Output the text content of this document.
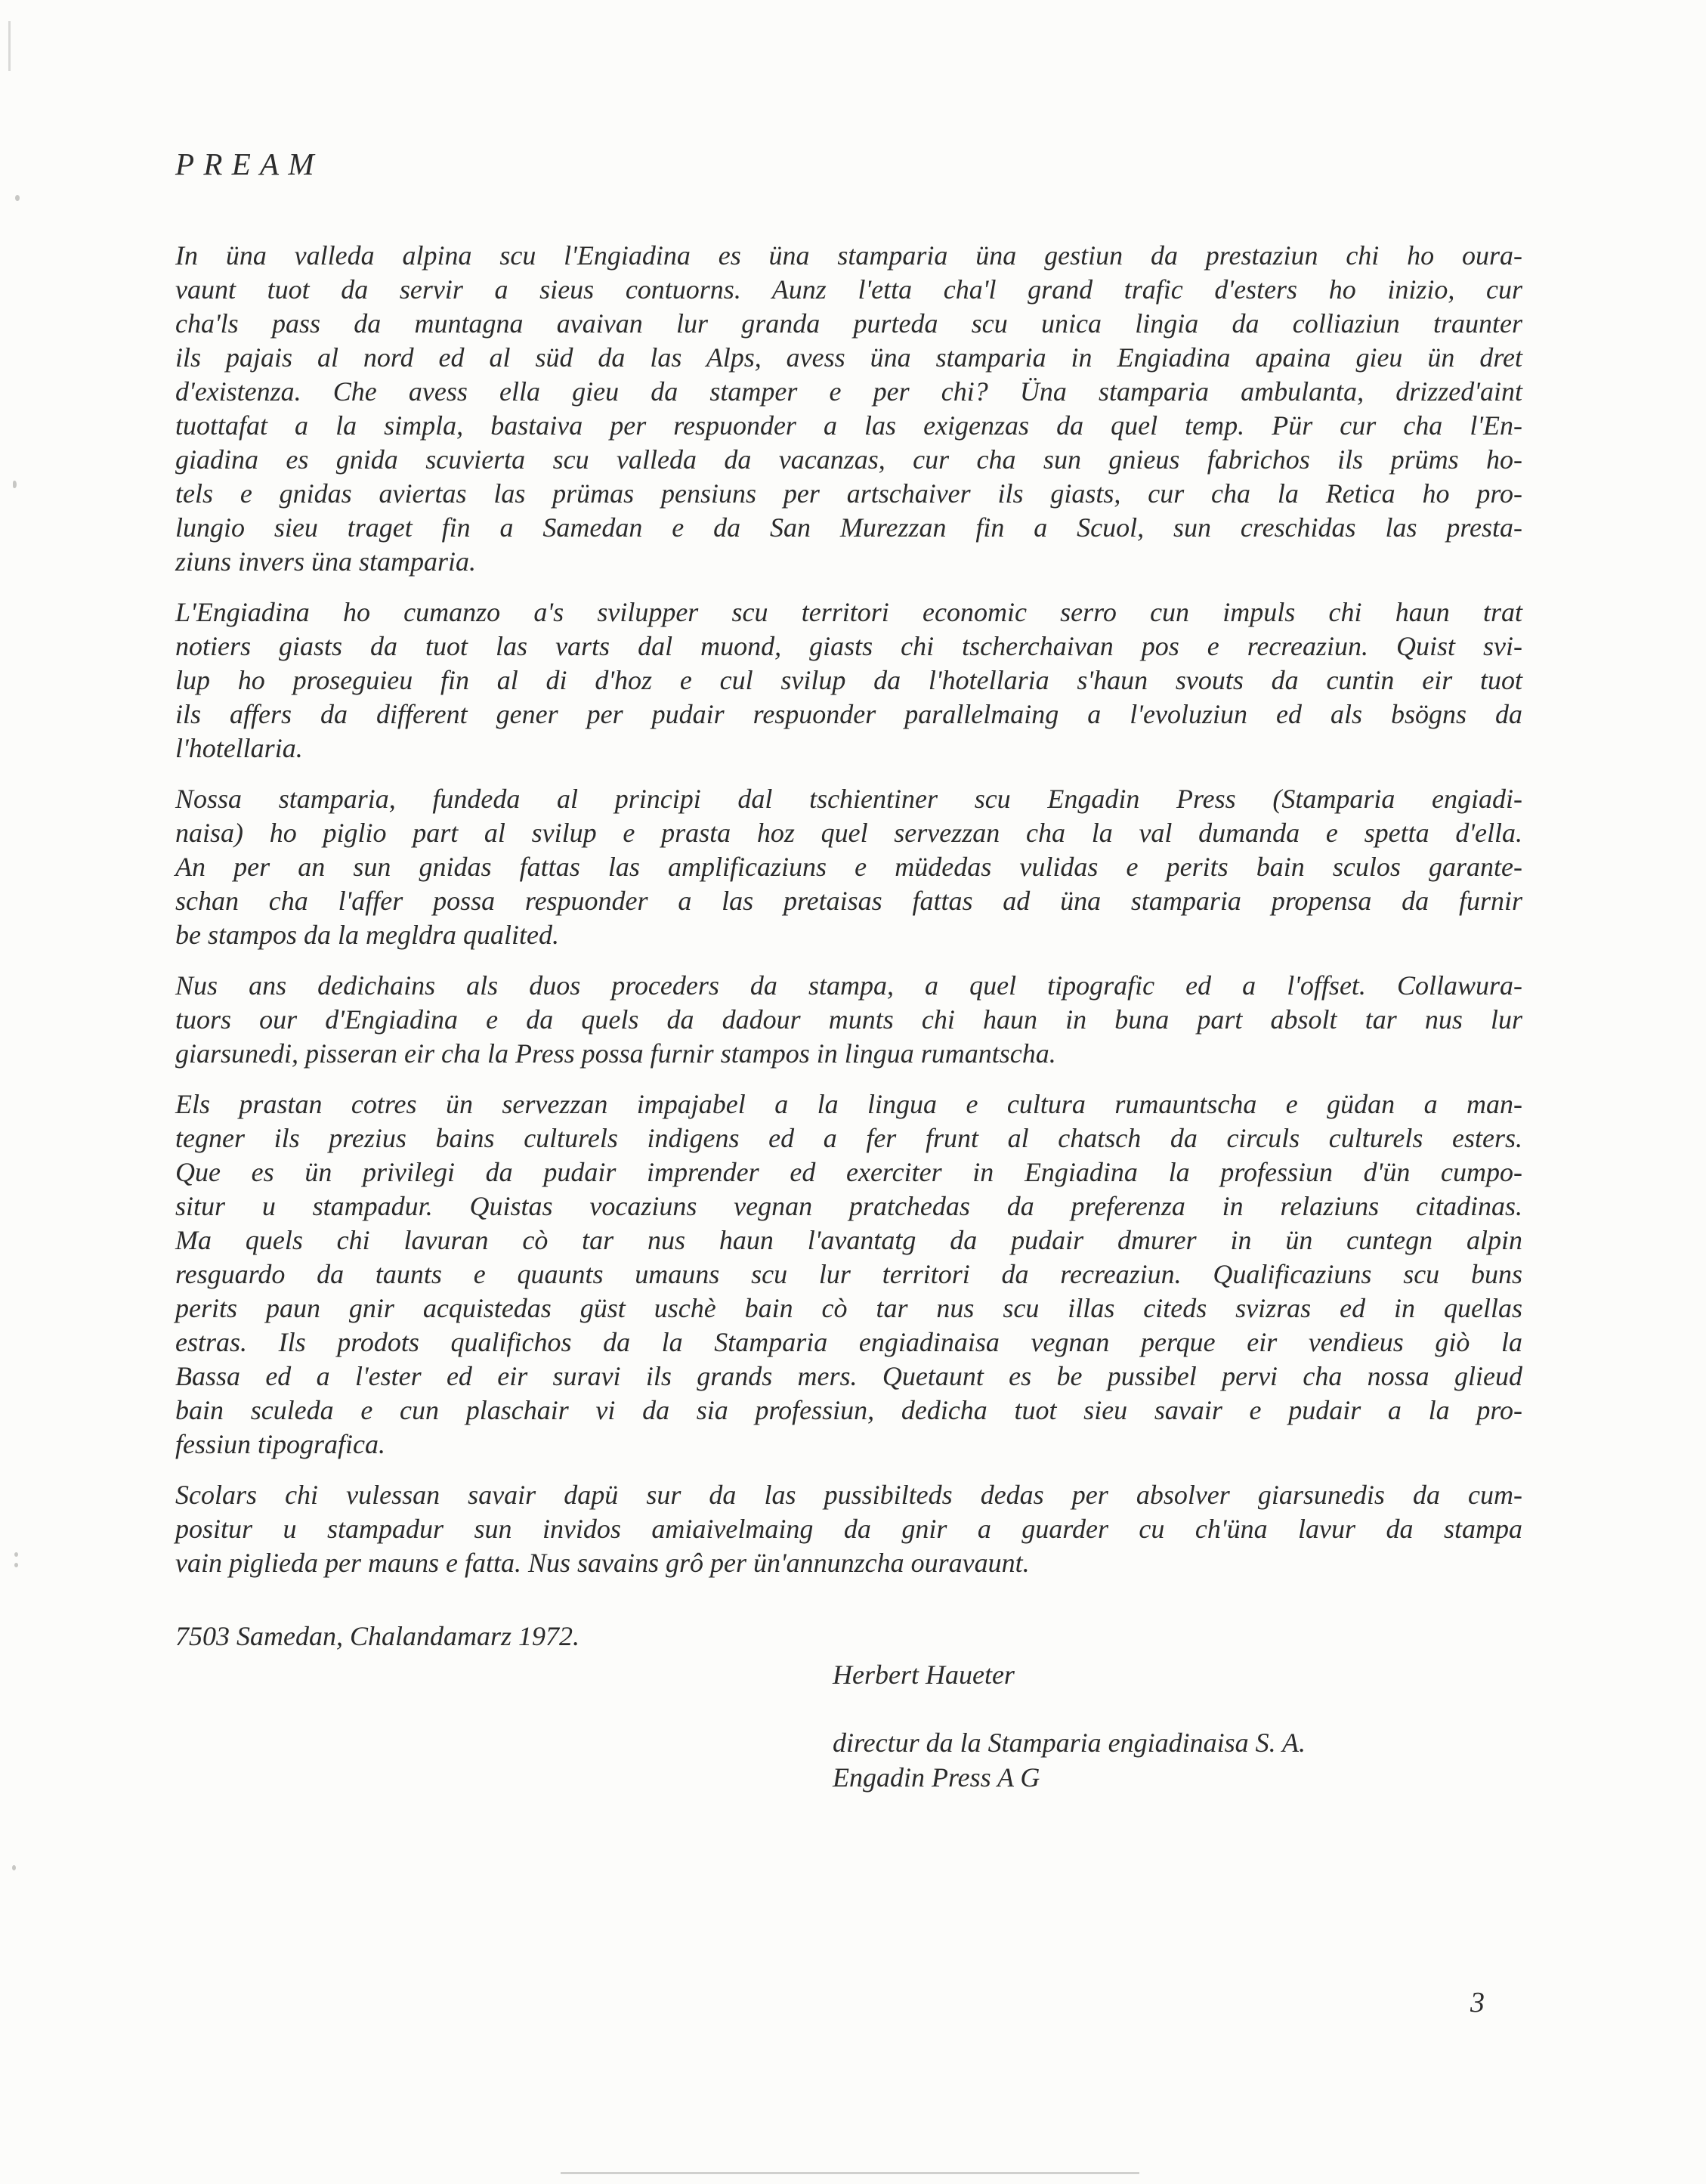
PREAM
In üna valleda alpina scu l'Engiadina es üna stamparia üna gestiun da prestaziun chi ho oura-
vaunt tuot da servir a sieus contuorns. Aunz l'etta cha'l grand trafic d'esters ho inizio, cur
cha'ls pass da muntagna avaivan lur granda purteda scu unica lingia da colliaziun traunter
ils pajais al nord ed al süd da las Alps, avess üna stamparia in Engiadina apaina gieu ün dret
d'existenza. Che avess ella gieu da stamper e per chi? Üna stamparia ambulanta, drizzed'aint
tuottafat a la simpla, bastaiva per respuonder a las exigenzas da quel temp. Pür cur cha l'En-
giadina es gnida scuvierta scu valleda da vacanzas, cur cha sun gnieus fabrichos ils prüms ho-
tels e gnidas aviertas las prümas pensiuns per artschaiver ils giasts, cur cha la Retica ho pro-
lungio sieu traget fin a Samedan e da San Murezzan fin a Scuol, sun creschidas las presta-
ziuns invers üna stamparia.
L'Engiadina ho cumanzo a's svilupper scu territori economic serro cun impuls chi haun trat
notiers giasts da tuot las varts dal muond, giasts chi tscherchaivan pos e recreaziun. Quist svi-
lup ho proseguieu fin al di d'hoz e cul svilup da l'hotellaria s'haun svouts da cuntin eir tuot
ils affers da different gener per pudair respuonder parallelmaing a l'evoluziun ed als bsögns da
l'hotellaria.
Nossa stamparia, fundeda al principi dal tschientiner scu Engadin Press (Stamparia engiadi-
naisa) ho piglio part al svilup e prasta hoz quel servezzan cha la val dumanda e spetta d'ella.
An per an sun gnidas fattas las amplificaziuns e müdedas vulidas e perits bain sculos garante-
schan cha l'affer possa respuonder a las pretaisas fattas ad üna stamparia propensa da furnir
be stampos da la megldra qualited.
Nus ans dedichains als duos proceders da stampa, a quel tipografic ed a l'offset. Collawura-
tuors our d'Engiadina e da quels da dadour munts chi haun in buna part absolt tar nus lur
giarsunedi, pisseran eir cha la Press possa furnir stampos in lingua rumantscha.
Els prastan cotres ün servezzan impajabel a la lingua e cultura rumauntscha e güdan a man-
tegner ils prezius bains culturels indigens ed a fer frunt al chatsch da circuls culturels esters.
Que es ün privilegi da pudair imprender ed exerciter in Engiadina la professiun d'ün cumpo-
situr u stampadur. Quistas vocaziuns vegnan pratchedas da preferenza in relaziuns citadinas.
Ma quels chi lavuran cò tar nus haun l'avantatg da pudair dmurer in ün cuntegn alpin
resguardo da taunts e quaunts umauns scu lur territori da recreaziun. Qualificaziuns scu buns
perits paun gnir acquistedas güst uschè bain cò tar nus scu illas citeds svizras ed in quellas
estras. Ils prodots qualifichos da la Stamparia engiadinaisa vegnan perque eir vendieus giò la
Bassa ed a l'ester ed eir suravi ils grands mers. Quetaunt es be pussibel pervi cha nossa glieud
bain sculeda e cun plaschair vi da sia professiun, dedicha tuot sieu savair e pudair a la pro-
fessiun tipografica.
Scolars chi vulessan savair dapü sur da las pussibilteds dedas per absolver giarsunedis da cum-
positur u stampadur sun invidos amiaivelmaing da gnir a guarder cu ch'üna lavur da stampa
vain piglieda per mauns e fatta. Nus savains grô per ün'annunzcha ouravaunt.
7503 Samedan, Chalandamarz 1972.
Herbert Haueter
directur da la Stamparia engiadinaisa S. A.
Engadin Press A G
3
